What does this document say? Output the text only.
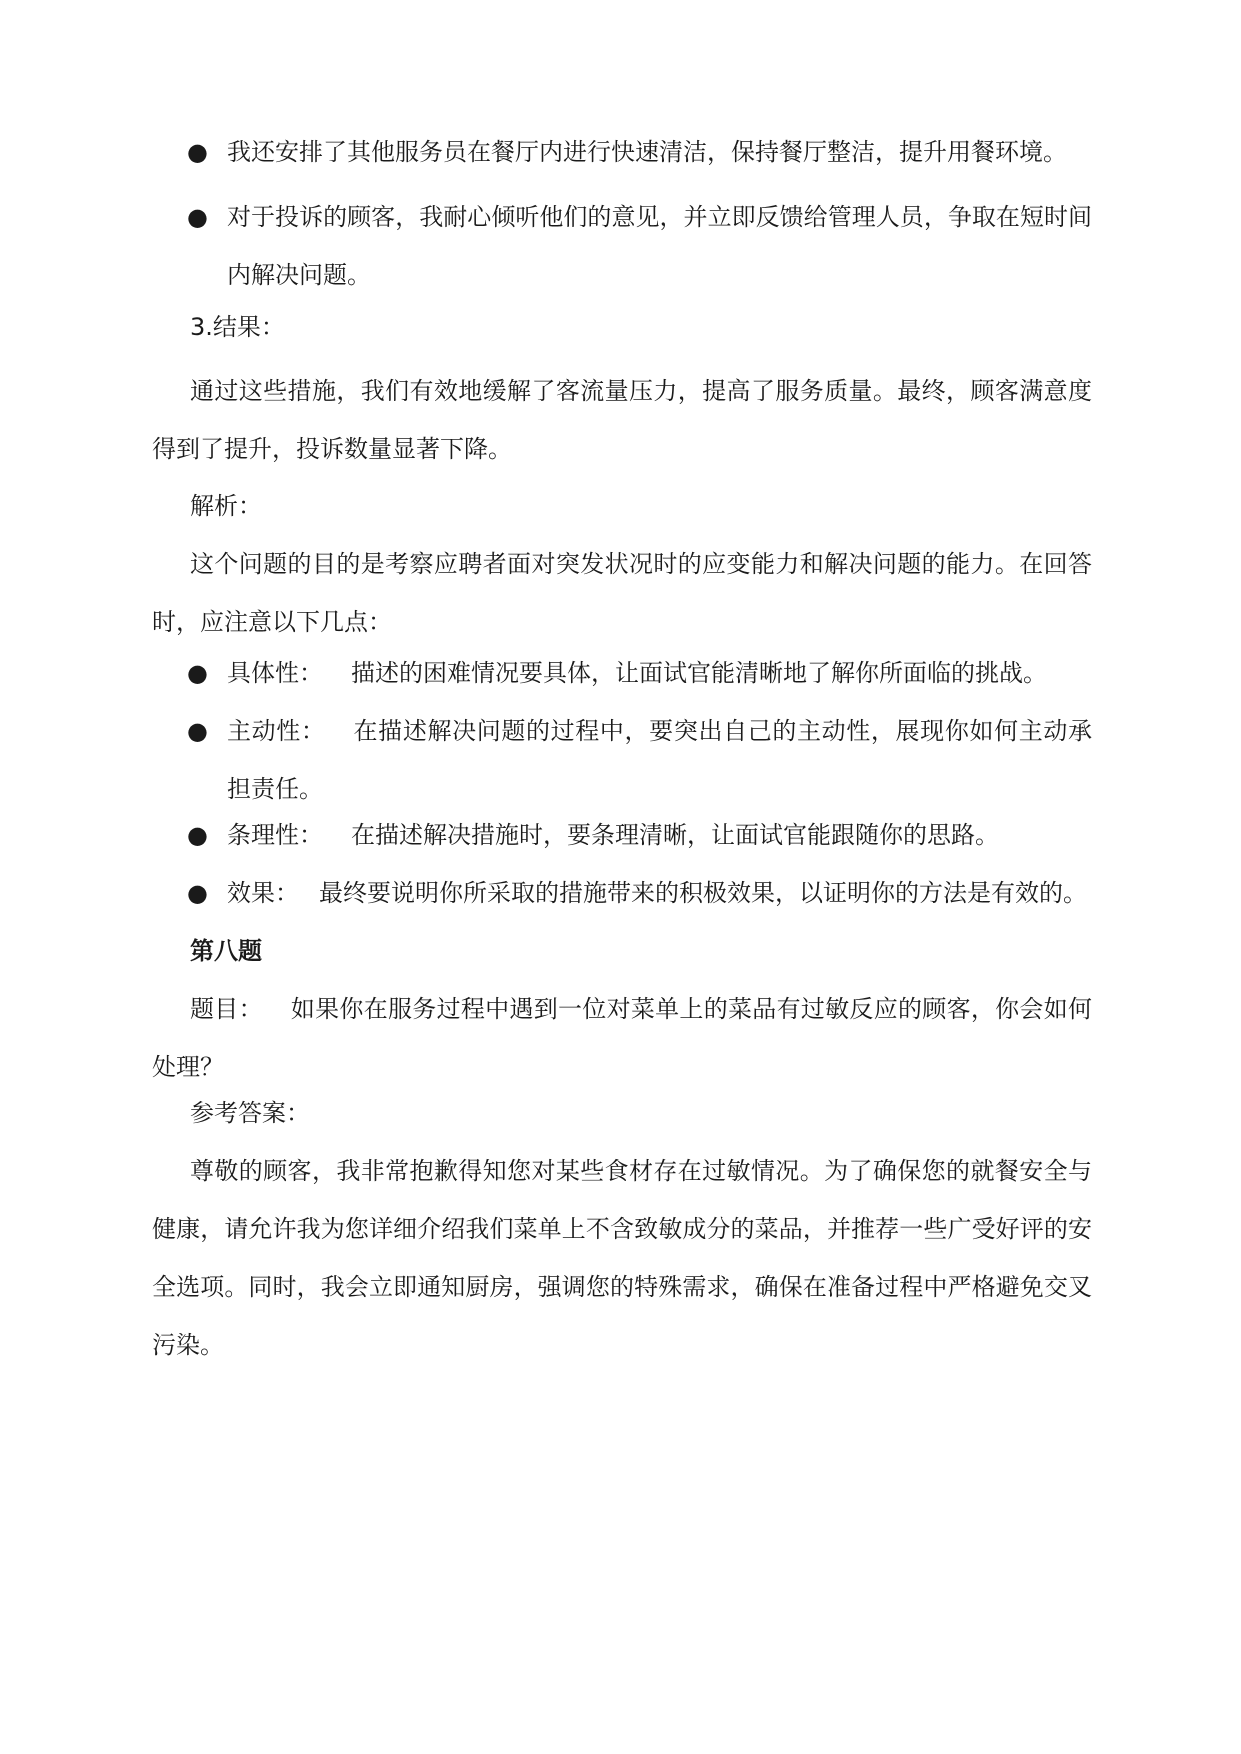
● 我还安排了其他服务员在餐厅内进行快速清洁，保持餐厅整洁，提升用餐环境。
● 对于投诉的顾客，我耐心倾听他们的意见，并立即反馈给管理人员，争取在短时间内解决问题。
3.结果：
通过这些措施，我们有效地缓解了客流量压力，提高了服务质量。最终，顾客满意度得到了提升，投诉数量显著下降。
解析：
这个问题的目的是考察应聘者面对突发状况时的应变能力和解决问题的能力。在回答时，应注意以下几点：
● 具体性： 描述的困难情况要具体，让面试官能清晰地了解你所面临的挑战。
● 主动性： 在描述解决问题的过程中，要突出自己的主动性，展现你如何主动承担责任。
● 条理性： 在描述解决措施时，要条理清晰，让面试官能跟随你的思路。
● 效果： 最终要说明你所采取的措施带来的积极效果，以证明你的方法是有效的。
第八题
题目： 如果你在服务过程中遇到一位对菜单上的菜品有过敏反应的顾客，你会如何处理？
参考答案：
尊敬的顾客，我非常抱歉得知您对某些食材存在过敏情况。为了确保您的就餐安全与健康，请允许我为您详细介绍我们菜单上不含致敏成分的菜品，并推荐一些广受好评的安全选项。同时，我会立即通知厨房，强调您的特殊需求，确保在准备过程中严格避免交叉污染。
